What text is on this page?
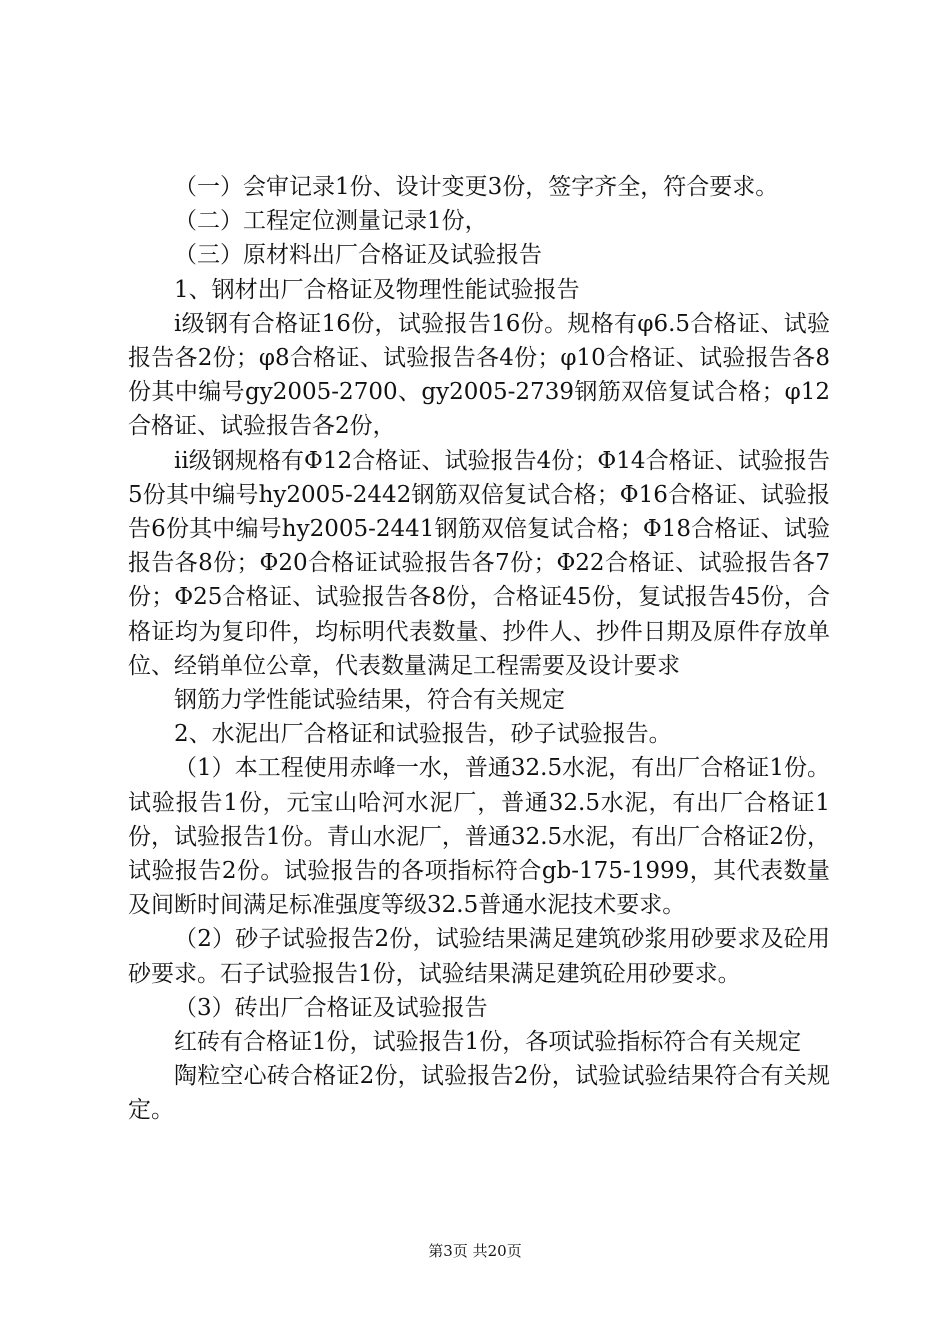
（一）会审记录1份、设计变更3份，签字齐全，符合要求。

（二）工程定位测量记录1份，

（三）原材料出厂合格证及试验报告

1、钢材出厂合格证及物理性能试验报告

i级钢有合格证16份，试验报告16份。规格有φ6.5合格证、试验报告各2份；φ8合格证、试验报告各4份；φ10合格证、试验报告各8份其中编号gy2005-2700、gy2005-2739钢筋双倍复试合格；φ12合格证、试验报告各2份，

ii级钢规格有Φ12合格证、试验报告4份；Φ14合格证、试验报告5份其中编号hy2005-2442钢筋双倍复试合格；Φ16合格证、试验报告6份其中编号hy2005-2441钢筋双倍复试合格；Φ18合格证、试验报告各8份；Φ20合格证试验报告各7份；Φ22合格证、试验报告各7份；Φ25合格证、试验报告各8份，合格证45份，复试报告45份，合格证均为复印件，均标明代表数量、抄件人、抄件日期及原件存放单位、经销单位公章，代表数量满足工程需要及设计要求

钢筋力学性能试验结果，符合有关规定

2、水泥出厂合格证和试验报告，砂子试验报告。

（1）本工程使用赤峰一水，普通32.5水泥，有出厂合格证1份。试验报告1份，元宝山哈河水泥厂，普通32.5水泥，有出厂合格证1份，试验报告1份。青山水泥厂，普通32.5水泥，有出厂合格证2份，试验报告2份。试验报告的各项指标符合gb-175-1999，其代表数量及间断时间满足标准强度等级32.5普通水泥技术要求。

（2）砂子试验报告2份，试验结果满足建筑砂浆用砂要求及砼用砂要求。石子试验报告1份，试验结果满足建筑砼用砂要求。

（3）砖出厂合格证及试验报告

红砖有合格证1份，试验报告1份，各项试验指标符合有关规定

陶粒空心砖合格证2份，试验报告2份，试验试验结果符合有关规定。

第3页 共20页
